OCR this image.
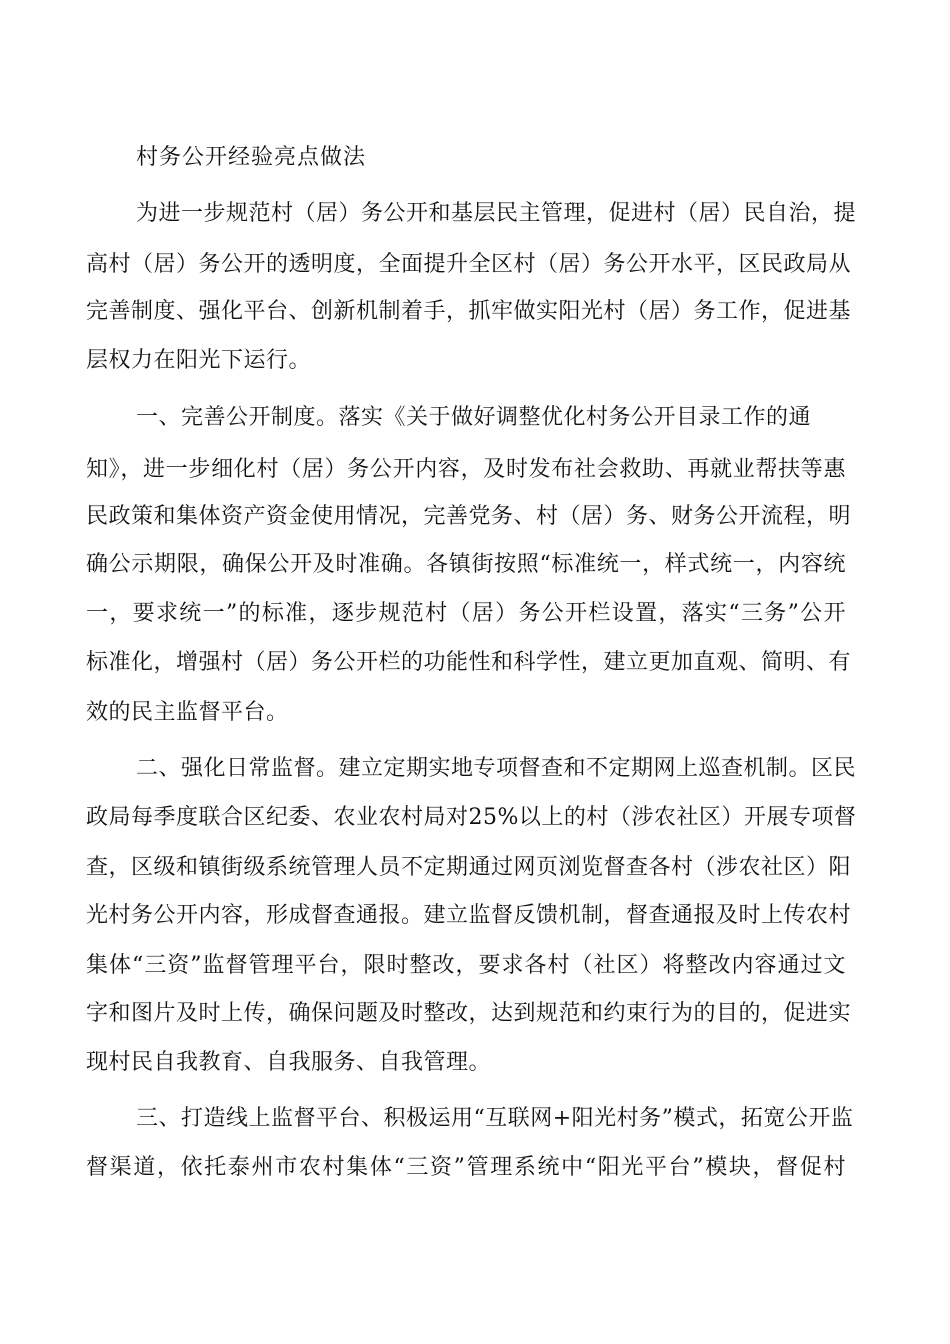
村务公开经验亮点做法
为进一步规范村（居）务公开和基层民主管理，促进村（居）民自治，提
高村（居）务公开的透明度，全面提升全区村（居）务公开水平，区民政局从
完善制度、强化平台、创新机制着手，抓牢做实阳光村（居）务工作，促进基
层权力在阳光下运行。
一、完善公开制度。落实《关于做好调整优化村务公开目录工作的通
知》，进一步细化村（居）务公开内容，及时发布社会救助、再就业帮扶等惠
民政策和集体资产资金使用情况，完善党务、村（居）务、财务公开流程，明
确公示期限，确保公开及时准确。各镇街按照“标准统一，样式统一，内容统
一，要求统一”的标准，逐步规范村（居）务公开栏设置，落实“三务”公开
标准化，增强村（居）务公开栏的功能性和科学性，建立更加直观、简明、有
效的民主监督平台。
二、强化日常监督。建立定期实地专项督查和不定期网上巡查机制。区民
政局每季度联合区纪委、农业农村局对25%以上的村（涉农社区）开展专项督
查，区级和镇街级系统管理人员不定期通过网页浏览督查各村（涉农社区）阳
光村务公开内容，形成督查通报。建立监督反馈机制，督查通报及时上传农村
集体“三资”监督管理平台，限时整改，要求各村（社区）将整改内容通过文
字和图片及时上传，确保问题及时整改，达到规范和约束行为的目的，促进实
现村民自我教育、自我服务、自我管理。
三、打造线上监督平台、积极运用“互联网+阳光村务”模式，拓宽公开监
督渠道，依托泰州市农村集体“三资”管理系统中“阳光平台”模块，督促村
